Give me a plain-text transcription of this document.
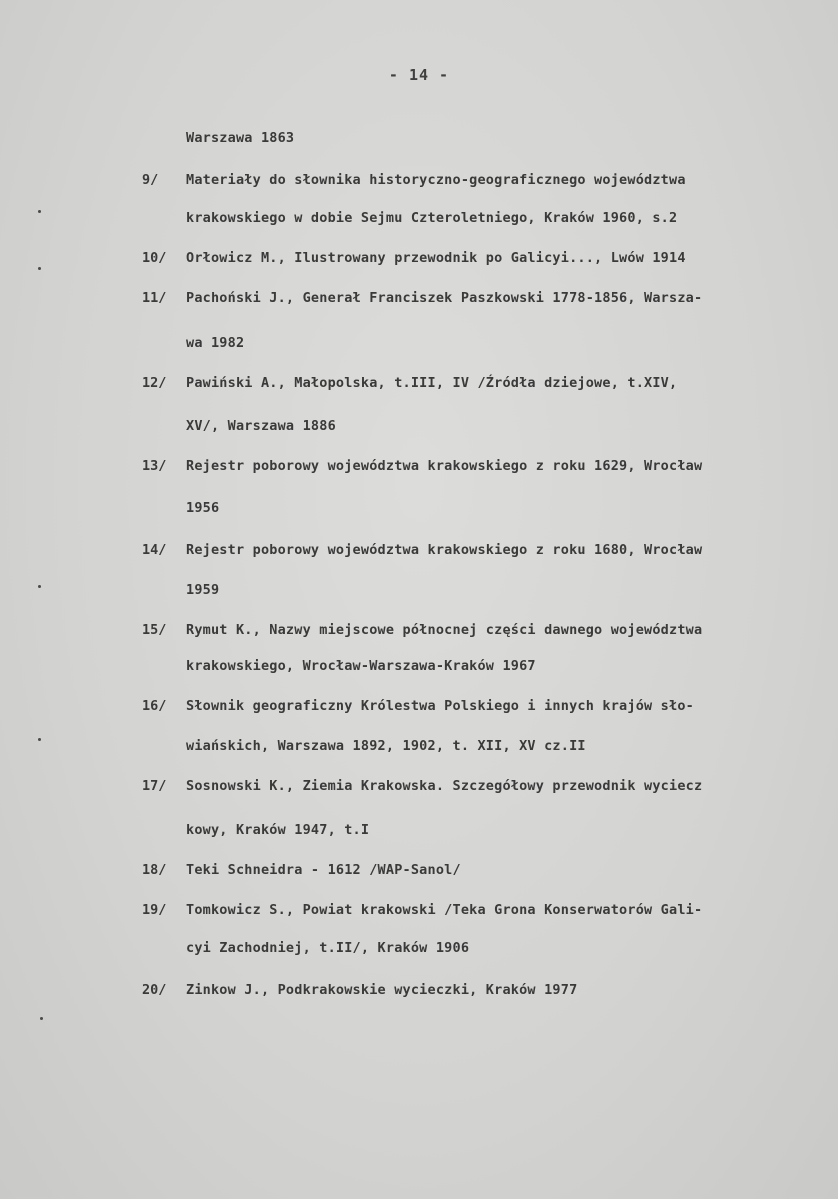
- 14 -
Warszawa 1863
9/ Materiały do słownika historyczno-geograficznego województwa
krakowskiego w dobie Sejmu Czteroletniego, Kraków 1960, s.2
10/ Orłowicz M., Ilustrowany przewodnik po Galicyi..., Lwów 1914
11/ Pachoński J., Generał Franciszek Paszkowski 1778-1856, Warsza-
wa 1982
12/ Pawiński A., Małopolska, t.III, IV /Źródła dziejowe, t.XIV,
XV/, Warszawa 1886
13/ Rejestr poborowy województwa krakowskiego z roku 1629, Wrocław
1956
14/ Rejestr poborowy województwa krakowskiego z roku 1680, Wrocław
1959
15/ Rymut K., Nazwy miejscowe północnej części dawnego województwa
krakowskiego, Wrocław-Warszawa-Kraków 1967
16/ Słownik geograficzny Królestwa Polskiego i innych krajów sło-
wiańskich, Warszawa 1892, 1902, t. XII, XV cz.II
17/ Sosnowski K., Ziemia Krakowska. Szczegółowy przewodnik wyciecz
kowy, Kraków 1947, t.I
18/ Teki Schneidra - 1612 /WAP-Sanol/
19/ Tomkowicz S., Powiat krakowski /Teka Grona Konserwatorów Gali-
cyi Zachodniej, t.II/, Kraków 1906
20/ Zinkow J., Podkrakowskie wycieczki, Kraków 1977
